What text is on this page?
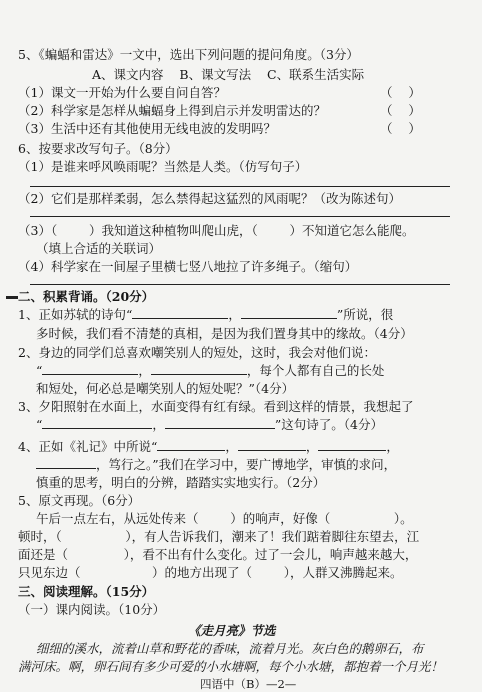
5、《蝙蝠和雷达》一文中，选出下列问题的提问角度。（3分）
A、课文内容    B、课文写法    C、联系生活实际
（1）课文一开始为什么要自问自答？	（    ）
（2）科学家是怎样从蝙蝠身上得到启示并发明雷达的？	（    ）
（3）生活中还有其他使用无线电波的发明吗？	（    ）
6、按要求改写句子。（8分）
（1）是谁来呼风唤雨呢？当然是人类。（仿写句子）
（2）它们是那样柔弱，怎么禁得起这猛烈的风雨呢？（改为陈述句）
（3）（        ）我知道这种植物叫爬山虎，（        ）不知道它怎么能爬。
（填上合适的关联词）
（4）科学家在一间屋子里横七竖八地拉了许多绳子。（缩句）
二、积累背诵。（20分）
1、正如苏轼的诗句“	，	”所说，很
多时候，我们看不清楚的真相，是因为我们置身其中的缘故。（4分）
2、身边的同学们总喜欢嘲笑别人的短处，这时，我会对他们说：
“	，	，每个人都有自己的长处
和短处，何必总是嘲笑别人的短处呢？”（4分）
3、夕阳照射在水面上，水面变得有红有绿。看到这样的情景，我想起了
“	，	”这句诗了。（4分）
4、正如《礼记》中所说“	，	，	，
，笃行之。”我们在学习中，要广博地学，审慎的求问，
慎重的思考，明白的分辨，踏踏实实地实行。（2分）
5、原文再现。（6分）
午后一点左右，从远处传来（        ）的响声，好像（                ）。
顿时，（                ），有人告诉我们，潮来了！我们踮着脚往东望去，江
面还是（              ），看不出有什么变化。过了一会儿，响声越来越大，
只见东边（                  ）的地方出现了（        ），人群又沸腾起来。
三、阅读理解。（15分）
（一）课内阅读。（10分）
《走月亮》节选
细细的溪水，流着山草和野花的香味，流着月光。灰白色的鹅卵石，布
满河床。啊，卵石间有多少可爱的小水塘啊，每个小水塘，都抱着一个月光！
四语中（B）—2—
